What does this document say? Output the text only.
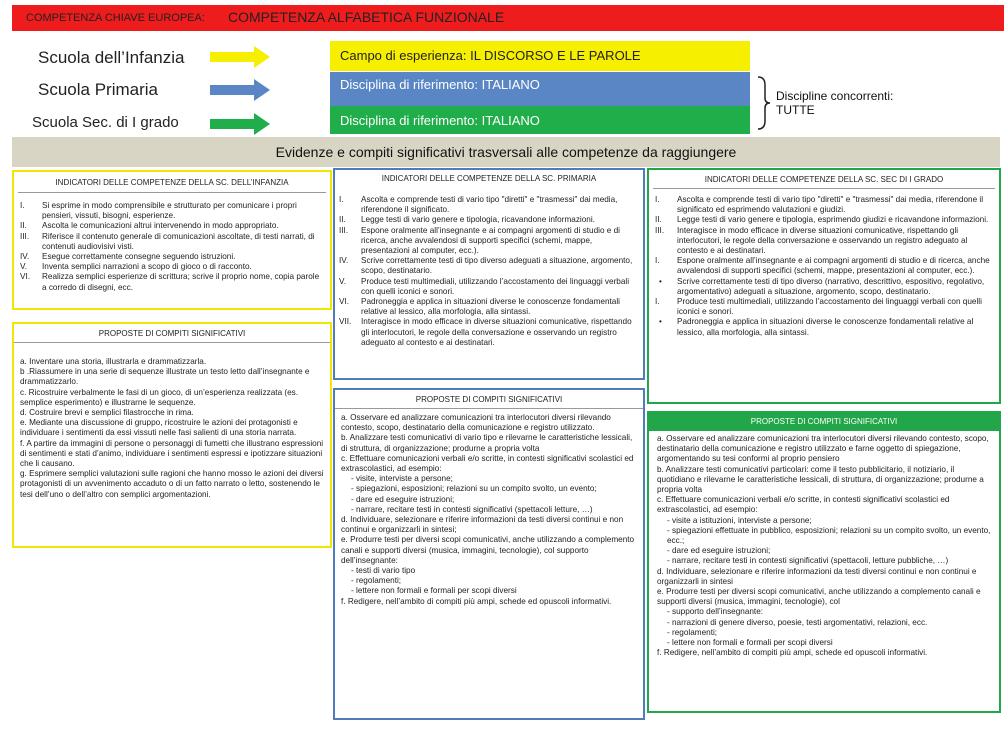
COMPETENZA CHIAVE EUROPEA: COMPETENZA ALFABETICA FUNZIONALE
Scuola dell’Infanzia
Scuola Primaria
Scuola Sec. di I grado
Campo di esperienza: IL DISCORSO E LE PAROLE
Disciplina di riferimento: ITALIANO
Disciplina di riferimento: ITALIANO
Discipline concorrenti:
TUTTE
Evidenze e compiti significativi trasversali alle competenze da raggiungere
INDICATORI DELLE COMPETENZE DELLA SC. DELL’INFANZIA
I. Si esprime in modo comprensibile e strutturato per comunicare i propri pensieri, vissuti, bisogni, esperienze.
II. Ascolta le comunicazioni altrui intervenendo in modo appropriato.
III. Riferisce il contenuto generale di comunicazioni ascoltate, di testi narrati, di contenuti audiovisivi visti.
IV. Esegue correttamente consegne seguendo istruzioni.
V. Inventa semplici narrazioni a scopo di gioco o di racconto.
VI. Realizza semplici esperienze di scrittura; scrive il proprio nome, copia parole a corredo di disegni, ecc.
PROPOSTE DI COMPITI SIGNIFICATIVI
a. Inventare una storia, illustrarla e drammatizzarla.
b .Riassumere in una serie di sequenze illustrate un testo letto dall’insegnante e drammatizzarlo.
c. Ricostruire verbalmente le fasi di un gioco, di un’esperienza realizzata (es. semplice esperimento) e illustrarne le sequenze.
d. Costruire brevi e semplici filastrocche in rima.
e. Mediante una discussione di gruppo, ricostruire le azioni dei protagonisti e individuare i sentimenti da essi vissuti nelle fasi salienti di una storia narrata.
f. A partire da immagini di persone o personaggi di fumetti che illustrano espressioni di sentimenti e stati d’animo, individuare i sentimenti espressi e ipotizzare situazioni che li causano.
g. Esprimere semplici valutazioni sulle ragioni che hanno mosso le azioni dei diversi protagonisti di un avvenimento accaduto o di un fatto narrato o letto, sostenendo le tesi dell’uno o dell’altro con semplici argomentazioni.
INDICATORI DELLE COMPETENZE DELLA SC. PRIMARIA
I. Ascolta e comprende testi di vario tipo "diretti" e "trasmessi" dai media, riferendone il significato.
II. Legge testi di vario genere e tipologia, ricavandone informazioni.
III. Espone oralmente all’insegnante e ai compagni argomenti di studio e di ricerca, anche avvalendosi di supporti specifici (schemi, mappe, presentazioni al computer, ecc.).
IV. Scrive correttamente testi di tipo diverso adeguati a situazione, argomento, scopo, destinatario.
V. Produce testi multimediali, utilizzando l’accostamento dei linguaggi verbali con quelli iconici e sonori.
VI. Padroneggia e applica in situazioni diverse le conoscenze fondamentali relative al lessico, alla morfologia, alla sintassi.
VII. Interagisce in modo efficace in diverse situazioni comunicative, rispettando gli interlocutori, le regole della conversazione e osservando un registro adeguato al contesto e ai destinatari.
PROPOSTE DI COMPITI SIGNIFICATIVI
a. Osservare ed analizzare comunicazioni tra interlocutori diversi rilevando contesto, scopo, destinatario della comunicazione e registro utilizzato.
b. Analizzare testi comunicativi di vario tipo e rilevarne le caratteristiche lessicali, di struttura, di organizzazione; produrne a propria volta
c. Effettuare comunicazioni verbali e/o scritte, in contesti significativi scolastici ed extrascolastici, ad esempio:
- visite, interviste a persone;
- spiegazioni, esposizioni; relazioni su un compito svolto, un evento;
- dare ed eseguire istruzioni;
- narrare, recitare testi in contesti significativi (spettacoli letture, …)
d. Individuare, selezionare e riferire informazioni da testi diversi continui e non continui e organizzarli in sintesi;
e. Produrre testi per diversi scopi comunicativi, anche utilizzando a complemento canali e supporti diversi (musica, immagini, tecnologie), col supporto dell’insegnante:
- testi di vario tipo
- regolamenti;
- lettere non formali e formali per scopi diversi
f. Redigere, nell’ambito di compiti più ampi, schede ed opuscoli informativi.
INDICATORI DELLE COMPETENZE DELLA SC. SEC DI I GRADO
I. Ascolta e comprende testi di vario tipo "diretti" e "trasmessi" dai media, riferendone il significato ed esprimendo valutazioni e giudizi.
II. Legge testi di vario genere e tipologia, esprimendo giudizi e ricavandone informazioni.
III. Interagisce in modo efficace in diverse situazioni comunicative, rispettando gli interlocutori, le regole della conversazione e osservando un registro adeguato al contesto e ai destinatari.
I. Espone oralmente all’insegnante e ai compagni argomenti di studio e di ricerca, anche avvalendosi di supporti specifici (schemi, mappe, presentazioni al computer, ecc.).
• Scrive correttamente testi di tipo diverso (narrativo, descrittivo, espositivo, regolativo, argomentativo) adeguati a situazione, argomento, scopo, destinatario.
I. Produce testi multimediali, utilizzando l’accostamento dei linguaggi verbali con quelli iconici e sonori.
• Padroneggia e applica in situazioni diverse le conoscenze fondamentali relative al lessico, alla morfologia, alla sintassi.
PROPOSTE DI COMPITI SIGNIFICATIVI
a. Osservare ed analizzare comunicazioni tra interlocutori diversi rilevando contesto, scopo, destinatario della comunicazione e registro utilizzato e farne oggetto di spiegazione, argomentando su tesi conformi al proprio pensiero
b. Analizzare testi comunicativi particolari: come il testo pubblicitario, il notiziario, il quotidiano e rilevarne le caratteristiche lessicali, di struttura, di organizzazione; produrne a propria volta
c. Effettuare comunicazioni verbali e/o scritte, in contesti significativi scolastici ed extrascolastici, ad esempio:
- visite a istituzioni, interviste a persone;
- spiegazioni effettuate in pubblico, esposizioni; relazioni su un compito svolto, un evento, ecc.;
- dare ed eseguire istruzioni;
- narrare, recitare testi in contesti significativi (spettacoli, letture pubbliche, …)
d. Individuare, selezionare e riferire informazioni da testi diversi continui e non continui e organizzarli in sintesi
e. Produrre testi per diversi scopi comunicativi, anche utilizzando a complemento canali e supporti diversi (musica, immagini, tecnologie), col
- supporto dell’insegnante:
- narrazioni di genere diverso, poesie, testi argomentativi, relazioni, ecc.
- regolamenti;
- lettere non formali e formali per scopi diversi
f. Redigere, nell’ambito di compiti più ampi, schede ed opuscoli informativi.
